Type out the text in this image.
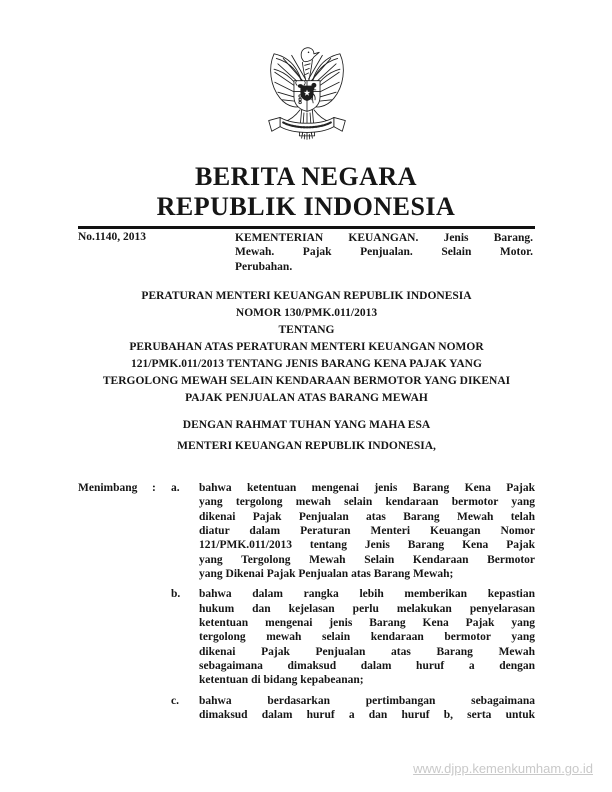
BERITA NEGARA
REPUBLIK INDONESIA
No.1140, 2013	KEMENTERIAN KEUANGAN. Jenis Barang.
Mewah. Pajak Penjualan. Selain Motor.
Perubahan.
PERATURAN MENTERI KEUANGAN REPUBLIK INDONESIA
NOMOR 130/PMK.011/2013
TENTANG
PERUBAHAN ATAS PERATURAN MENTERI KEUANGAN NOMOR
121/PMK.011/2013 TENTANG JENIS BARANG KENA PAJAK YANG
TERGOLONG MEWAH SELAIN KENDARAAN BERMOTOR YANG DIKENAI
PAJAK PENJUALAN ATAS BARANG MEWAH
DENGAN RAHMAT TUHAN YANG MAHA ESA
MENTERI KEUANGAN REPUBLIK INDONESIA,
Menimbang : a.	bahwa ketentuan mengenai jenis Barang Kena Pajak
yang tergolong mewah selain kendaraan bermotor yang
dikenai Pajak Penjualan atas Barang Mewah telah
diatur dalam Peraturan Menteri Keuangan Nomor
121/PMK.011/2013 tentang Jenis Barang Kena Pajak
yang Tergolong Mewah Selain Kendaraan Bermotor
yang Dikenai Pajak Penjualan atas Barang Mewah;
b.	bahwa dalam rangka lebih memberikan kepastian
hukum dan kejelasan perlu melakukan penyelarasan
ketentuan mengenai jenis Barang Kena Pajak yang
tergolong mewah selain kendaraan bermotor yang
dikenai Pajak Penjualan atas Barang Mewah
sebagaimana dimaksud dalam huruf a dengan
ketentuan di bidang kepabeanan;
c.	bahwa berdasarkan pertimbangan sebagaimana
dimaksud dalam huruf a dan huruf b, serta untuk
www.djpp.kemenkumham.go.id
